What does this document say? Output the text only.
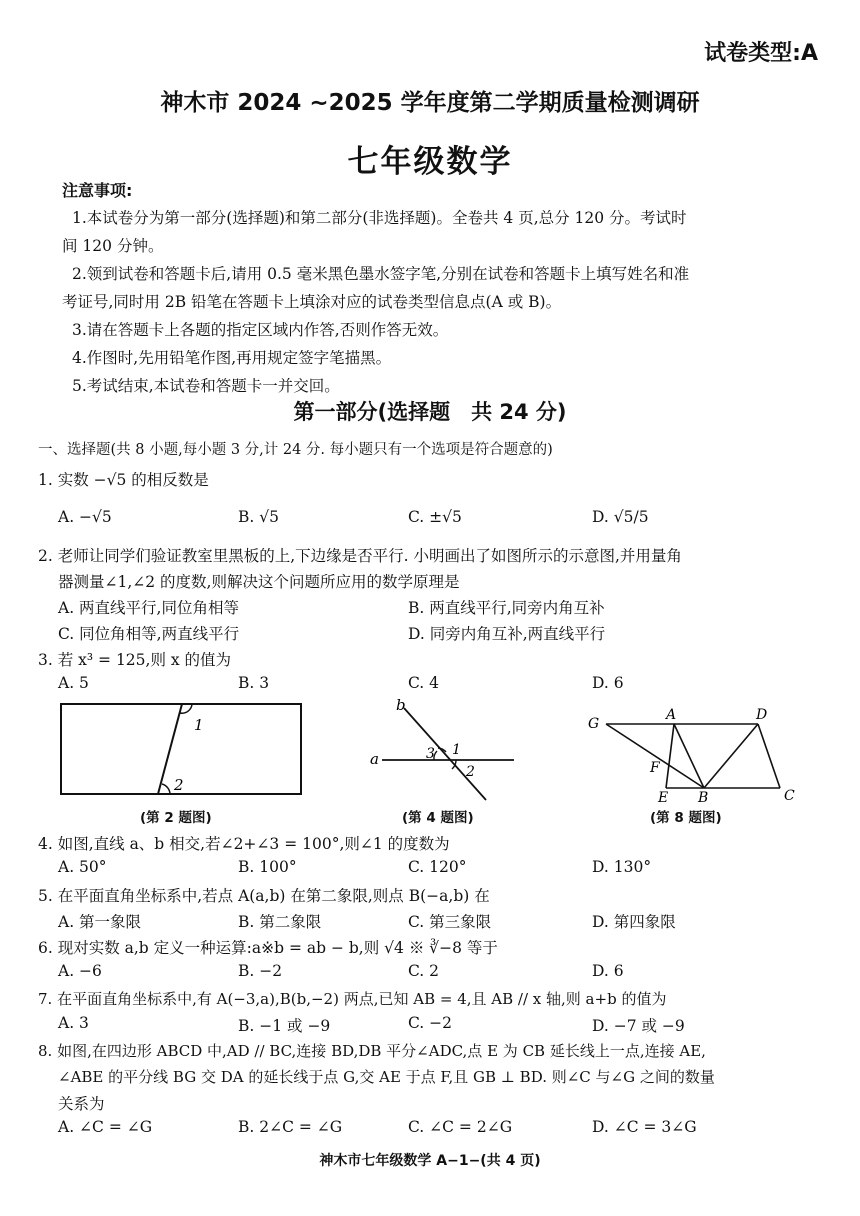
试卷类型:A
神木市 2024 ~2025 学年度第二学期质量检测调研
七年级数学
注意事项:
1.本试卷分为第一部分(选择题)和第二部分(非选择题)。全卷共 4 页,总分 120 分。考试时
间 120 分钟。
2.领到试卷和答题卡后,请用 0.5 毫米黑色墨水签字笔,分别在试卷和答题卡上填写姓名和准
考证号,同时用 2B 铅笔在答题卡上填涂对应的试卷类型信息点(A 或 B)。
3.请在答题卡上各题的指定区域内作答,否则作答无效。
4.作图时,先用铅笔作图,再用规定签字笔描黑。
5.考试结束,本试卷和答题卡一并交回。
第一部分(选择题　共 24 分)
一、选择题(共 8 小题,每小题 3 分,计 24 分. 每小题只有一个选项是符合题意的)
1. 实数 −√5 的相反数是
A. −√5	B. √5	C. ±√5	D. √5/5
2. 老师让同学们验证教室里黑板的上,下边缘是否平行. 小明画出了如图所示的示意图,并用量角
器测量∠1,∠2 的度数,则解决这个问题所应用的数学原理是
A. 两直线平行,同位角相等	B. 两直线平行,同旁内角互补
C. 同位角相等,两直线平行	D. 同旁内角互补,两直线平行
3. 若 x³ = 125,则 x 的值为
A. 5	B. 3	C. 4	D. 6
1
2
(第 2 题图)
a
b
1
2
3
(第 4 题图)
G
A	D
F
E B	C
(第 8 题图)
4. 如图,直线 a、b 相交,若∠2+∠3 = 100°,则∠1 的度数为
A. 50°	B. 100°	C. 120°	D. 130°
5. 在平面直角坐标系中,若点 A(a,b) 在第二象限,则点 B(−a,b) 在
A. 第一象限	B. 第二象限	C. 第三象限	D. 第四象限
6. 现对实数 a,b 定义一种运算:a※b = ab − b,则 √4 ※ ∛−8 等于
A. −6	B. −2	C. 2	D. 6
7. 在平面直角坐标系中,有 A(−3,a),B(b,−2) 两点,已知 AB = 4,且 AB // x 轴,则 a+b 的值为
A. 3	B. −1 或 −9	C. −2	D. −7 或 −9
8. 如图,在四边形 ABCD 中,AD // BC,连接 BD,DB 平分∠ADC,点 E 为 CB 延长线上一点,连接 AE,
∠ABE 的平分线 BG 交 DA 的延长线于点 G,交 AE 于点 F,且 GB ⊥ BD. 则∠C 与∠G 之间的数量
关系为
A. ∠C = ∠G	B. 2∠C = ∠G	C. ∠C = 2∠G	D. ∠C = 3∠G
神木市七年级数学 A−1−(共 4 页)
